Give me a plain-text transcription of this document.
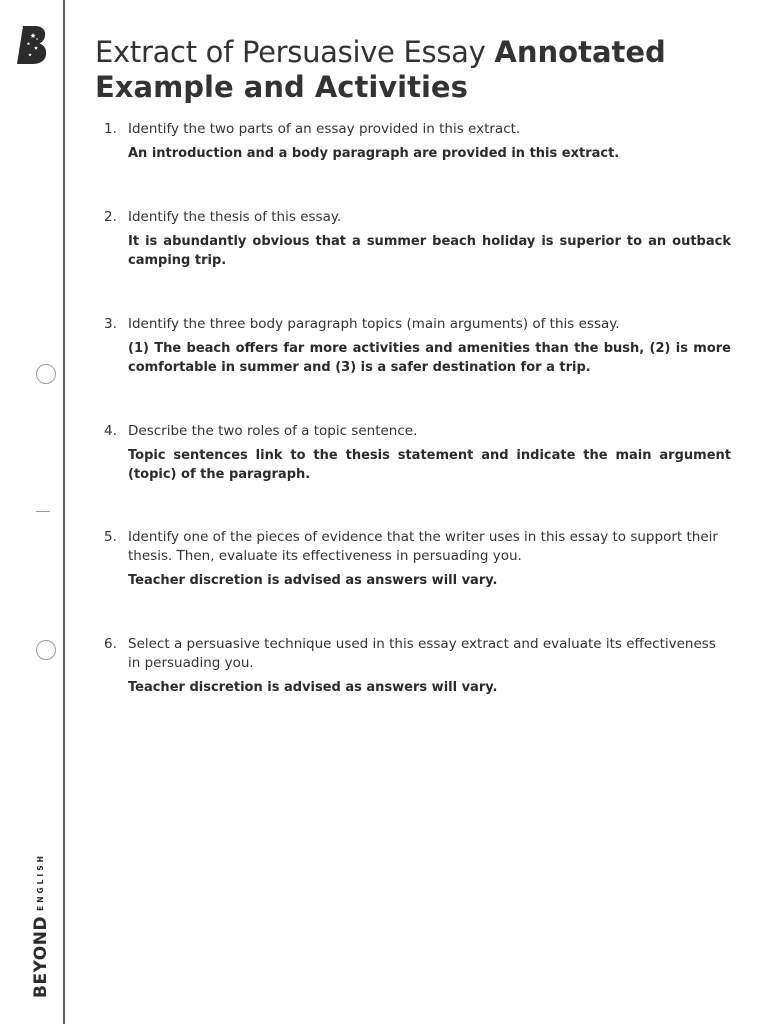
BEYONDENGLISH
Extract of Persuasive Essay Annotated Example and Activities
1. Identify the two parts of an essay provided in this extract.
An introduction and a body paragraph are provided in this extract.
2. Identify the thesis of this essay.
It is abundantly obvious that a summer beach holiday is superior to an outback camping trip.
3. Identify the three body paragraph topics (main arguments) of this essay.
(1) The beach offers far more activities and amenities than the bush, (2) is more comfortable in summer and (3) is a safer destination for a trip.
4. Describe the two roles of a topic sentence.
Topic sentences link to the thesis statement and indicate the main argument (topic) of the paragraph.
5. Identify one of the pieces of evidence that the writer uses in this essay to support their thesis. Then, evaluate its effectiveness in persuading you.
Teacher discretion is advised as answers will vary.
6. Select a persuasive technique used in this essay extract and evaluate its effectiveness in persuading you.
Teacher discretion is advised as answers will vary.
